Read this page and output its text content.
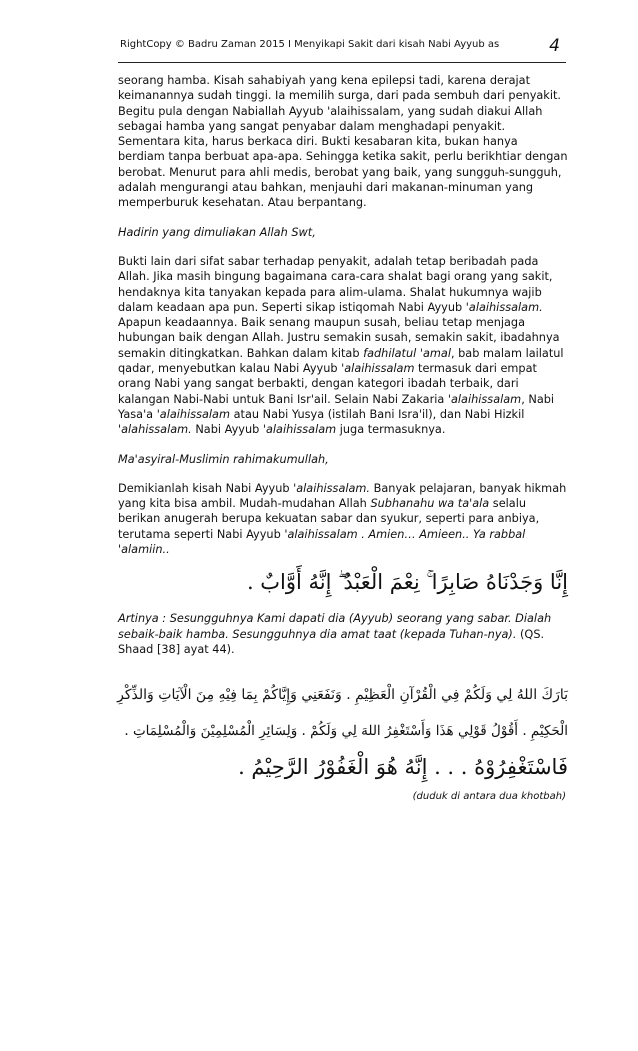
RightCopy © Badru Zaman 2015 I Menyikapi Sakit dari kisah Nabi Ayyub as	4

seorang hamba. Kisah sahabiyah yang kena epilepsi tadi, karena derajat keimanannya sudah tinggi. Ia memilih surga, dari pada sembuh dari penyakit. Begitu pula dengan Nabiallah Ayyub 'alaihissalam, yang sudah diakui Allah sebagai hamba yang sangat penyabar dalam menghadapi penyakit. Sementara kita, harus berkaca diri. Bukti kesabaran kita, bukan hanya berdiam tanpa berbuat apa-apa. Sehingga ketika sakit, perlu berikhtiar dengan berobat. Menurut para ahli medis, berobat yang baik, yang sungguh-sungguh, adalah mengurangi atau bahkan, menjauhi dari makanan-minuman yang memperburuk kesehatan. Atau berpantang.

Hadirin yang dimuliakan Allah Swt,

Bukti lain dari sifat sabar terhadap penyakit, adalah tetap beribadah pada Allah. Jika masih bingung bagaimana cara-cara shalat bagi orang yang sakit, hendaknya kita tanyakan kepada para alim-ulama. Shalat hukumnya wajib dalam keadaan apa pun. Seperti sikap istiqomah Nabi Ayyub 'alaihissalam. Apapun keadaannya. Baik senang maupun susah, beliau tetap menjaga hubungan baik dengan Allah. Justru semakin susah, semakin sakit, ibadahnya semakin ditingkatkan. Bahkan dalam kitab fadhilatul 'amal, bab malam lailatul qadar, menyebutkan kalau Nabi Ayyub 'alaihissalam termasuk dari empat orang Nabi yang sangat berbakti, dengan kategori ibadah terbaik, dari kalangan Nabi-Nabi untuk Bani Isr'ail. Selain Nabi Zakaria 'alaihissalam, Nabi Yasa'a 'alaihissalam atau Nabi Yusya (istilah Bani Isra'il), dan Nabi Hizkil 'alahissalam. Nabi Ayyub 'alaihissalam juga termasuknya.

Ma'asyiral-Muslimin rahimakumullah,

Demikianlah kisah Nabi Ayyub 'alaihissalam. Banyak pelajaran, banyak hikmah yang kita bisa ambil. Mudah-mudahan Allah Subhanahu wa ta'ala selalu berikan anugerah berupa kekuatan sabar dan syukur, seperti para anbiya, terutama seperti Nabi Ayyub 'alaihissalam . Amien… Amieen.. Ya rabbal 'alamiin..

إِنَّا وَجَدْنَاهُ صَابِرًا ۚ نِعْمَ الْعَبْدُ ۖ إِنَّهُ أَوَّابٌ .

Artinya : Sesungguhnya Kami dapati dia (Ayyub) seorang yang sabar. Dialah sebaik-baik hamba. Sesungguhnya dia amat taat (kepada Tuhan-nya). (QS. Shaad [38] ayat 44).

بَارَكَ اللهُ لِي وَلَكُمْ فِي الْقُرْآنِ الْعَظِيْمِ . وَنَفَعَنِي وَإِيَّاكُمْ بِمَا فِيْهِ مِنَ الْآيَاتِ وَالذِّكْرِ
الْحَكِيْمِ . أَقُوْلُ قَوْلِي هَذَا وَأَسْتَغْفِرُ اللهَ لِي وَلَكُمْ . وَلِسَائِرِ الْمُسْلِمِيْنَ وَالْمُسْلِمَاتِ .
فَاسْتَغْفِرُوْهُ . . . إِنَّهُ هُوَ الْغَفُوْرُ الرَّحِيْمُ .
(duduk di antara dua khotbah)
